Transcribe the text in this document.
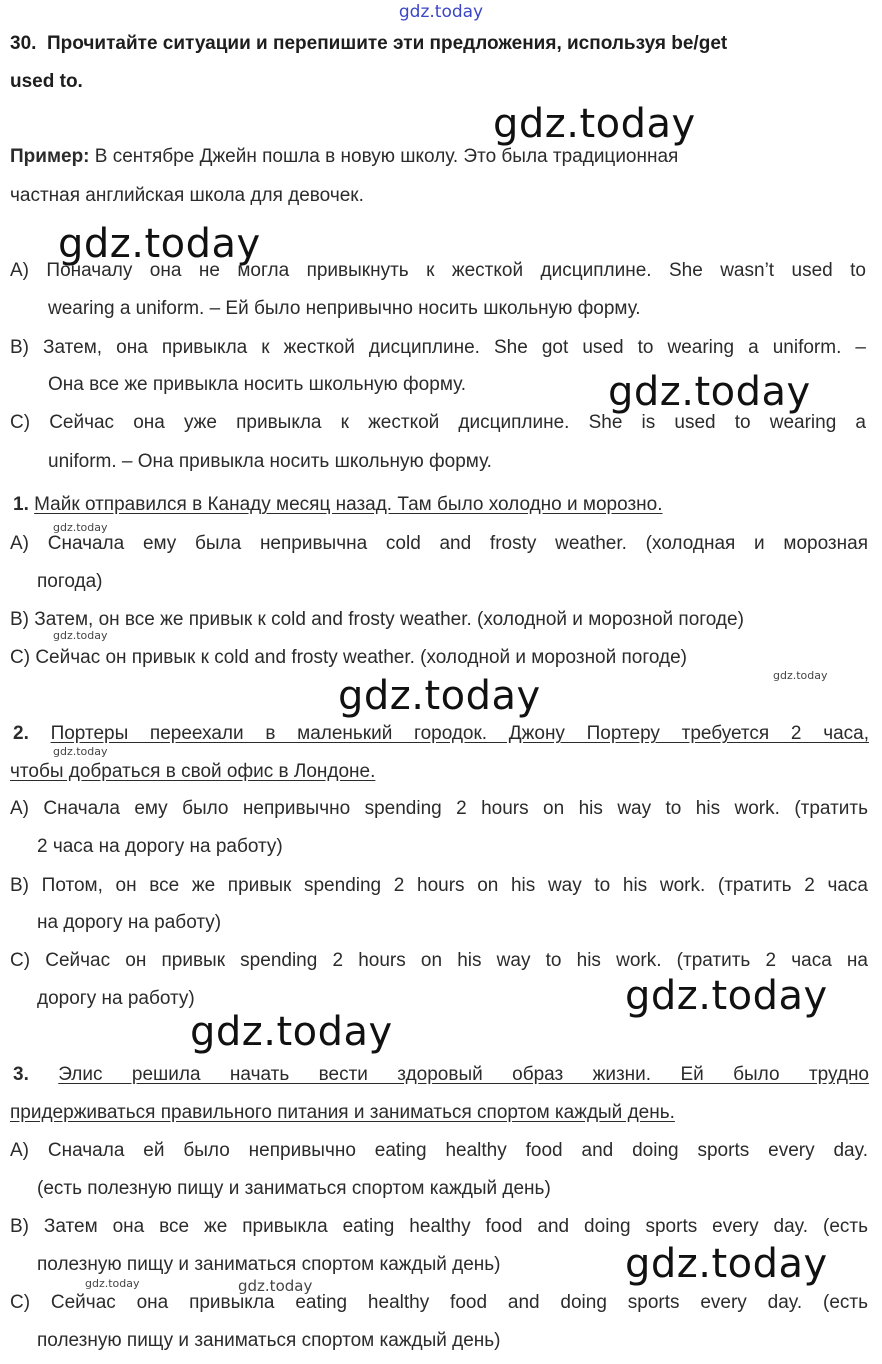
gdz.today
gdz.today
gdz.today
gdz.today
gdz.today
gdz.today
gdz.today
gdz.today
gdz.today
gdz.today
gdz.today
gdz.today
gdz.today	gdz.today
30. Прочитайте ситуации и перепишите эти предложения, используя be/get
used to.
Пример: В сентябре Джейн пошла в новую школу. Это была традиционная
частная английская школа для девочек.
A) Поначалу она не могла привыкнуть к жесткой дисциплине. She wasn’t used to
wearing a uniform. – Ей было непривычно носить школьную форму.
B) Затем, она привыкла к жесткой дисциплине. She got used to wearing a uniform. –
Она все же привыкла носить школьную форму.
C) Сейчас она уже привыкла к жесткой дисциплине. She is used to wearing a
uniform. – Она привыкла носить школьную форму.
1. Майк отправился в Канаду месяц назад. Там было холодно и морозно.
A) Сначала ему была непривычна cold and frosty weather. (холодная и морозная
погода)
B) Затем, он все же привык к cold and frosty weather. (холодной и морозной погоде)
C) Сейчас он привык к cold and frosty weather. (холодной и морозной погоде)
2. Портеры переехали в маленький городок. Джону Портеру требуется 2 часа,
чтобы добраться в свой офис в Лондоне.
A) Сначала ему было непривычно spending 2 hours on his way to his work. (тратить
2 часа на дорогу на работу)
B) Потом, он все же привык spending 2 hours on his way to his work. (тратить 2 часа
на дорогу на работу)
C) Сейчас он привык spending 2 hours on his way to his work. (тратить 2 часа на
дорогу на работу)
3. Элис решила начать вести здоровый образ жизни. Ей было трудно
придерживаться правильного питания и заниматься спортом каждый день.
A) Сначала ей было непривычно eating healthy food and doing sports every day.
(есть полезную пищу и заниматься спортом каждый день)
B) Затем она все же привыкла eating healthy food and doing sports every day. (есть
полезную пищу и заниматься спортом каждый день)
C) Сейчас она привыкла eating healthy food and doing sports every day. (есть
полезную пищу и заниматься спортом каждый день)
